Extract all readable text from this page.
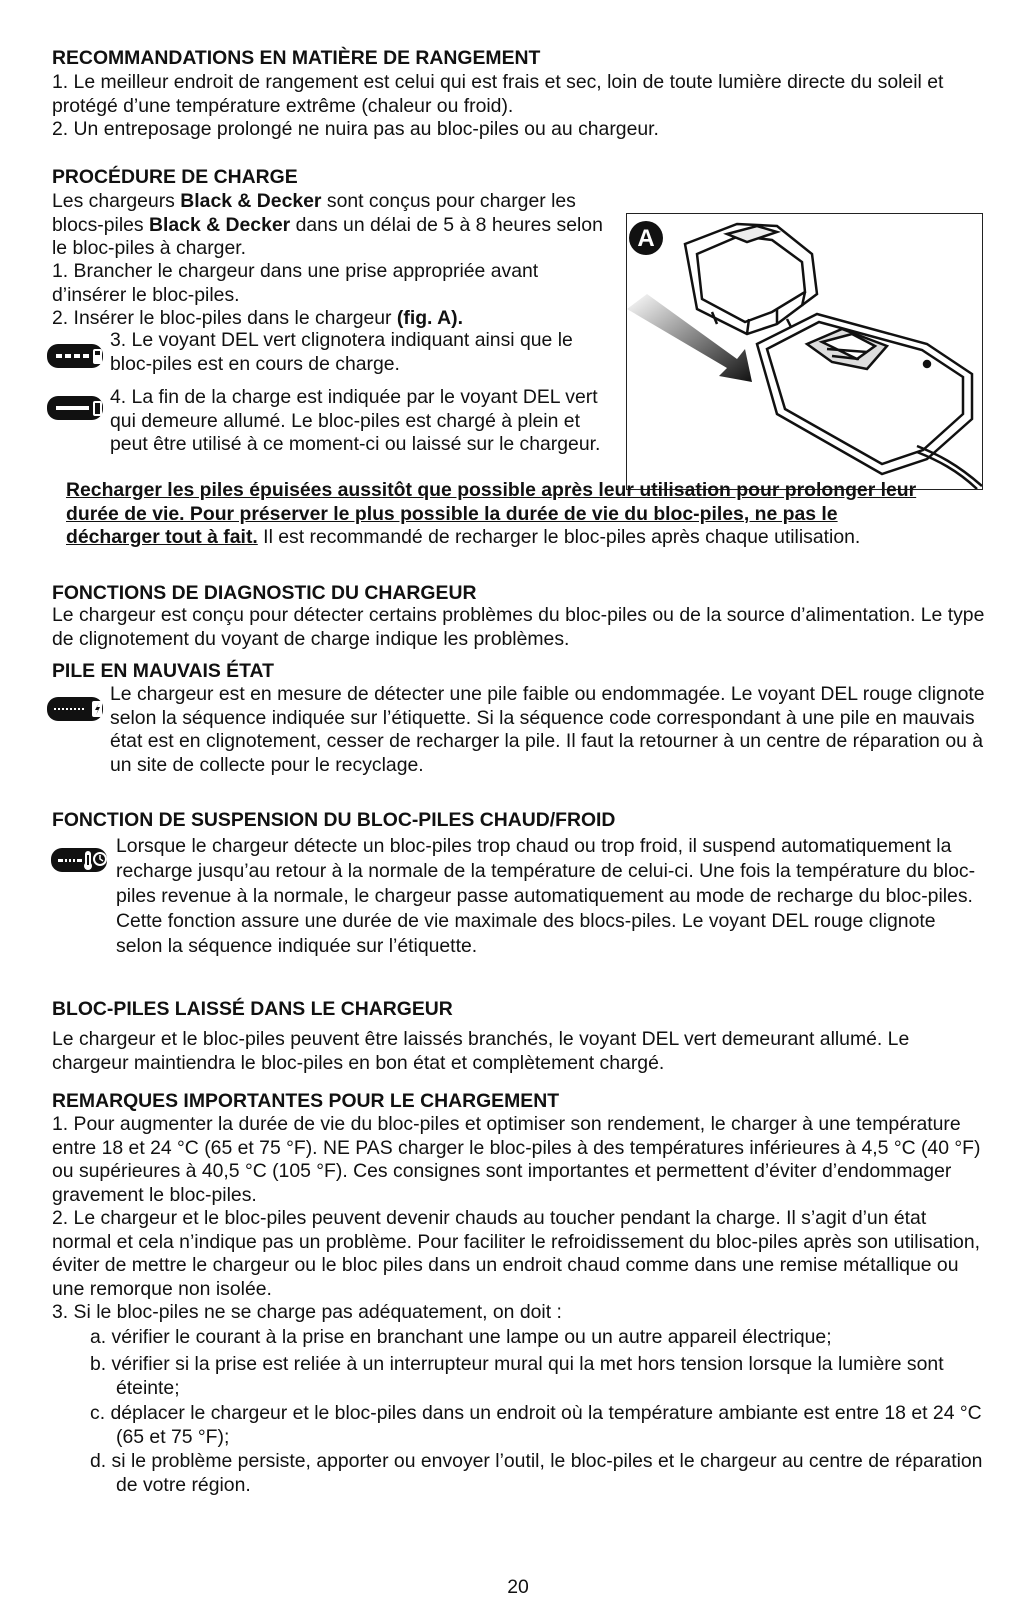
RECOMMANDATIONS EN MATIÈRE DE RANGEMENT
1. Le meilleur endroit de rangement est celui qui est frais et sec, loin de toute lumière directe du soleil et protégé d’une température extrême (chaleur ou froid).
2. Un entreposage prolongé ne nuira pas au bloc-piles ou au chargeur.
PROCÉDURE DE CHARGE
Les chargeurs Black & Decker sont conçus pour charger les blocs-piles Black & Decker dans un délai de 5 à 8 heures selon le bloc-piles à charger.
1. Brancher le chargeur dans une prise appropriée avant d’insérer le bloc-piles.
2. Insérer le bloc-piles dans le chargeur (fig. A).
3. Le voyant DEL vert clignotera indiquant ainsi que le bloc-piles est en cours de charge.
4. La fin de la charge est indiquée par le voyant DEL vert qui demeure allumé. Le bloc-piles est chargé à plein et peut être utilisé à ce moment-ci ou laissé sur le chargeur.
A
Recharger les piles épuisées aussitôt que possible après leur utilisation pour prolonger leur durée de vie. Pour préserver le plus possible la durée de vie du bloc-piles, ne pas le décharger tout à fait. Il est recommandé de recharger le bloc-piles après chaque utilisation.
FONCTIONS DE DIAGNOSTIC DU CHARGEUR
Le chargeur est conçu pour détecter certains problèmes du bloc-piles ou de la source d’alimentation. Le type de clignotement du voyant de charge indique les problèmes.
PILE EN MAUVAIS ÉTAT
Le chargeur est en mesure de détecter une pile faible ou endommagée. Le voyant DEL rouge clignote selon la séquence indiquée sur l’étiquette. Si la séquence code correspondant à une pile en mauvais état est en clignotement, cesser de recharger la pile. Il faut la retourner à un centre de réparation ou à un site de collecte pour le recyclage.
FONCTION DE SUSPENSION DU BLOC-PILES CHAUD/FROID
Lorsque le chargeur détecte un bloc-piles trop chaud ou trop froid, il suspend automatiquement la recharge jusqu’au retour à la normale de la température de celui-ci. Une fois la température du bloc-piles revenue à la normale, le chargeur passe automatiquement au mode de recharge du bloc-piles. Cette fonction assure une durée de vie maximale des blocs-piles. Le voyant DEL rouge clignote selon la séquence indiquée sur l’étiquette.
BLOC-PILES LAISSÉ DANS LE CHARGEUR
Le chargeur et le bloc-piles peuvent être laissés branchés, le voyant DEL vert demeurant allumé. Le chargeur maintiendra le bloc-piles en bon état et complètement chargé.
REMARQUES IMPORTANTES POUR LE CHARGEMENT
1. Pour augmenter la durée de vie du bloc-piles et optimiser son rendement, le charger à une température entre 18 et 24 °C (65 et 75 °F). NE PAS charger le bloc-piles à des températures inférieures à 4,5 °C (40 °F) ou supérieures à 40,5 °C (105 °F). Ces consignes sont importantes et permettent d’éviter d’endommager gravement le bloc-piles.
2. Le chargeur et le bloc-piles peuvent devenir chauds au toucher pendant la charge. Il s’agit d’un état normal et cela n’indique pas un problème. Pour faciliter le refroidissement du bloc-piles après son utilisation, éviter de mettre le chargeur ou le bloc piles dans un endroit chaud comme dans une remise métallique ou une remorque non isolée.
3. Si le bloc-piles ne se charge pas adéquatement, on doit :
a. vérifier le courant à la prise en branchant une lampe ou un autre appareil électrique;
b. vérifier si la prise est reliée à un interrupteur mural qui la met hors tension lorsque la lumière sont éteinte;
c. déplacer le chargeur et le bloc-piles dans un endroit où la température ambiante est entre 18 et 24 °C (65 et 75 °F);
d. si le problème persiste, apporter ou envoyer l’outil, le bloc-piles et le chargeur au centre de réparation de votre région.
20
